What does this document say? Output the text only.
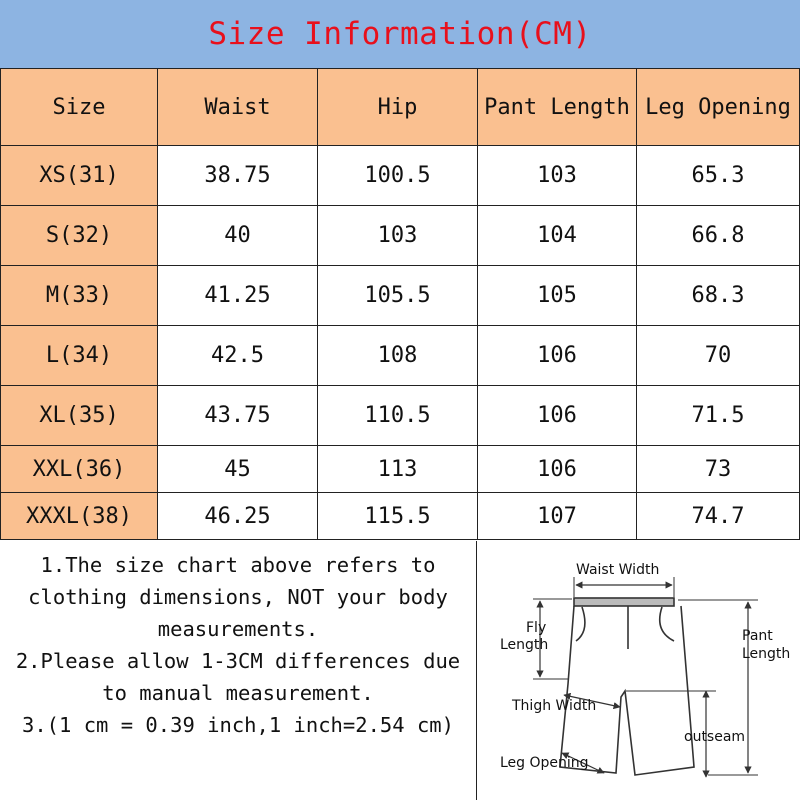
Size Information(CM)
Size	Waist	Hip	Pant Length	Leg Opening
XS(31)	38.75	100.5	103	65.3
S(32)	40	103	104	66.8
M(33)	41.25	105.5	105	68.3
L(34)	42.5	108	106	70
XL(35)	43.75	110.5	106	71.5
XXL(36)	45	113	106	73
XXXL(38)	46.25	115.5	107	74.7

1.The size chart above refers to clothing dimensions, NOT your body measurements.

2.Please allow 1-3CM differences due to manual measurement.

3.(1 cm = 0.39 inch,1 inch=2.54 cm)

Waist Width
Fly
Length
Pant
Length
Thigh Width
outseam
Leg Opening
